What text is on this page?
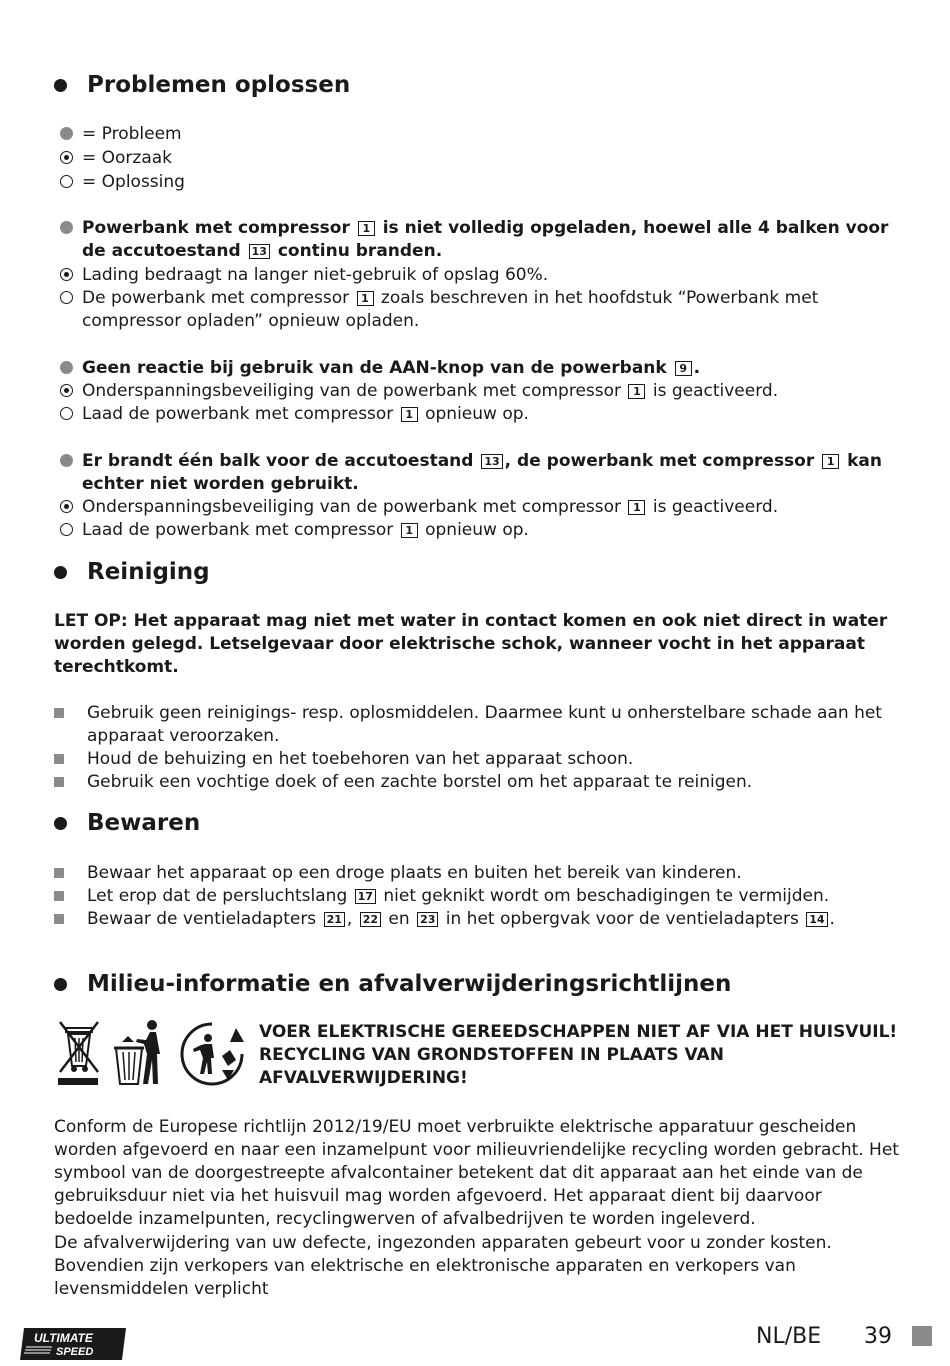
Problemen oplossen
= Probleem
= Oorzaak
= Oplossing
Powerbank met compressor 1 is niet volledig opgeladen, hoewel alle 4 balken voor de accutoestand 13 continu branden.
Lading bedraagt na langer niet-gebruik of opslag 60%.
De powerbank met compressor 1 zoals beschreven in het hoofdstuk “Powerbank met compressor opladen” opnieuw opladen.
Geen reactie bij gebruik van de AAN-knop van de powerbank 9 .
Onderspanningsbeveiliging van de powerbank met compressor 1 is geactiveerd.
Laad de powerbank met compressor 1 opnieuw op.
Er brandt één balk voor de accutoestand 13 , de powerbank met compressor 1 kan echter niet worden gebruikt.
Onderspanningsbeveiliging van de powerbank met compressor 1 is geactiveerd.
Laad de powerbank met compressor 1 opnieuw op.
Reiniging
LET OP: Het apparaat mag niet met water in contact komen en ook niet direct in water worden gelegd. Letselgevaar door elektrische schok, wanneer vocht in het apparaat terechtkomt.
Gebruik geen reinigings- resp. oplosmiddelen. Daarmee kunt u onherstelbare schade aan het apparaat veroorzaken.
Houd de behuizing en het toebehoren van het apparaat schoon.
Gebruik een vochtige doek of een zachte borstel om het apparaat te reinigen.
Bewaren
Bewaar het apparaat op een droge plaats en buiten het bereik van kinderen.
Let erop dat de persluchtslang 17 niet geknikt wordt om beschadigingen te vermijden.
Bewaar de ventieladapters 21 , 22 en 23 in het opbergvak voor de ventieladapters 14 .
Milieu-informatie en afvalverwijderingsrichtlijnen
VOER ELEKTRISCHE GEREEDSCHAPPEN NIET AF VIA HET HUISVUIL! RECYCLING VAN GRONDSTOFFEN IN PLAATS VAN AFVALVERWIJDERING!
Conform de Europese richtlijn 2012/19/EU moet verbruikte elektrische apparatuur gescheiden worden afgevoerd en naar een inzamelpunt voor milieuvriendelijke recycling worden gebracht. Het symbool van de doorgestreepte afvalcontainer betekent dat dit apparaat aan het einde van de gebruiksduur niet via het huisvuil mag worden afgevoerd. Het apparaat dient bij daarvoor bedoelde inzamelpunten, recyclingwerven of afvalbedrijven te worden ingeleverd.
De afvalverwijdering van uw defecte, ingezonden apparaten gebeurt voor u zonder kosten. Bovendien zijn verkopers van elektrische en elektronische apparaten en verkopers van levensmiddelen verplicht
ULTIMATE
SPEED
NL/BE 39
